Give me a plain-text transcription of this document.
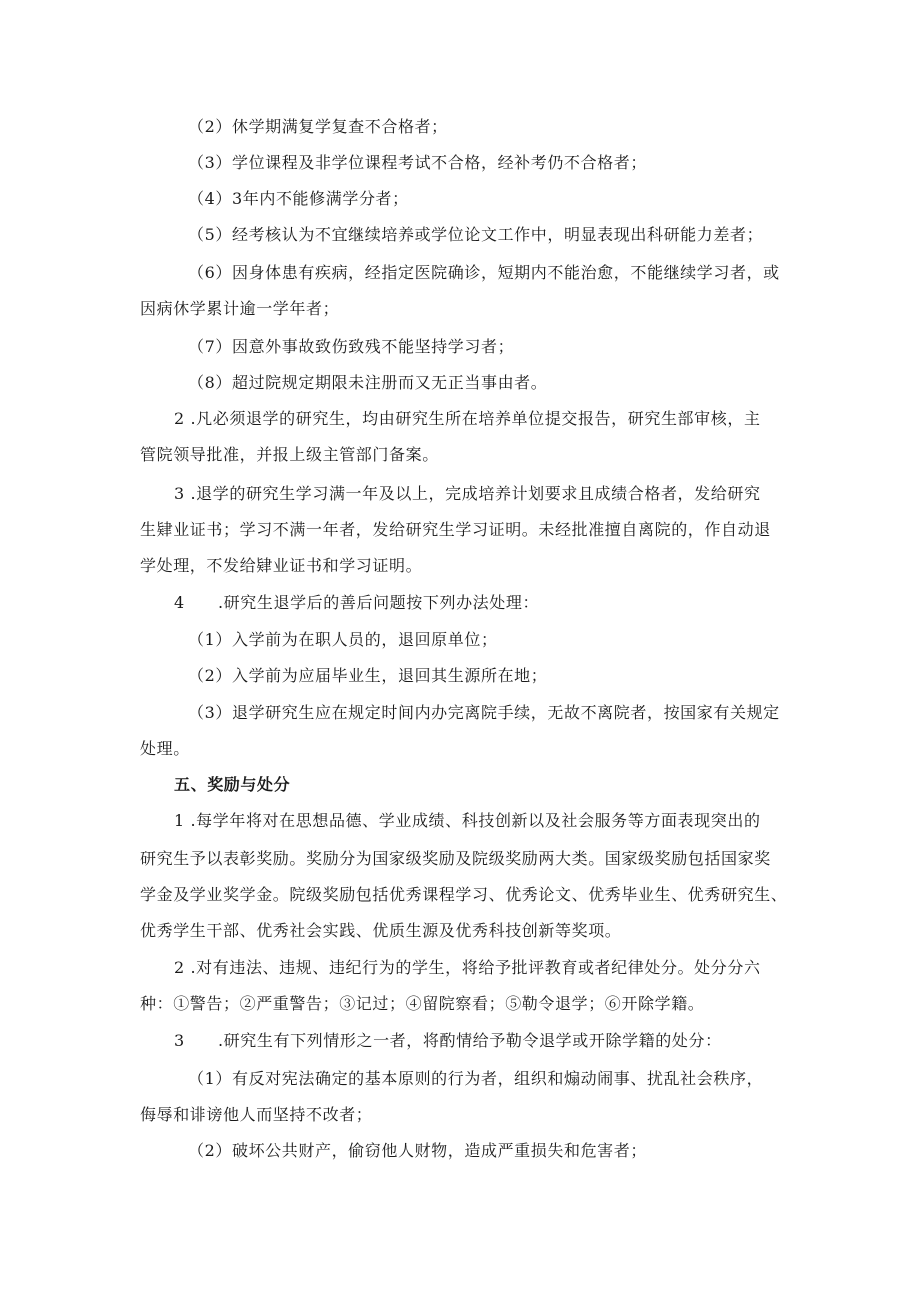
（2）休学期满复学复查不合格者；
（3）学位课程及非学位课程考试不合格，经补考仍不合格者；
（4）3年内不能修满学分者；
（5）经考核认为不宜继续培养或学位论文工作中，明显表现出科研能力差者；
（6）因身体患有疾病，经指定医院确诊，短期内不能治愈，不能继续学习者，或
因病休学累计逾一学年者；
（7）因意外事故致伤致残不能坚持学习者；
（8）超过院规定期限未注册而又无正当事由者。
2 .凡必须退学的研究生，均由研究生所在培养单位提交报告，研究生部审核，主
管院领导批准，并报上级主管部门备案。
3 .退学的研究生学习满一年及以上，完成培养计划要求且成绩合格者，发给研究
生肄业证书；学习不满一年者，发给研究生学习证明。未经批准擅自离院的，作自动退
学处理，不发给肄业证书和学习证明。
4　　.研究生退学后的善后问题按下列办法处理：
（1）入学前为在职人员的，退回原单位；
（2）入学前为应届毕业生，退回其生源所在地；
（3）退学研究生应在规定时间内办完离院手续，无故不离院者，按国家有关规定
处理。
五、奖励与处分
1 .每学年将对在思想品德、学业成绩、科技创新以及社会服务等方面表现突出的
研究生予以表彰奖励。奖励分为国家级奖励及院级奖励两大类。国家级奖励包括国家奖
学金及学业奖学金。院级奖励包括优秀课程学习、优秀论文、优秀毕业生、优秀研究生、
优秀学生干部、优秀社会实践、优质生源及优秀科技创新等奖项。
2 .对有违法、违规、违纪行为的学生，将给予批评教育或者纪律处分。处分分六
种：①警告；②严重警告；③记过；④留院察看；⑤勒令退学；⑥开除学籍。
3　　.研究生有下列情形之一者，将酌情给予勒令退学或开除学籍的处分：
（1）有反对宪法确定的基本原则的行为者，组织和煽动闹事、扰乱社会秩序，
侮辱和诽谤他人而坚持不改者；
（2）破坏公共财产，偷窃他人财物，造成严重损失和危害者；
